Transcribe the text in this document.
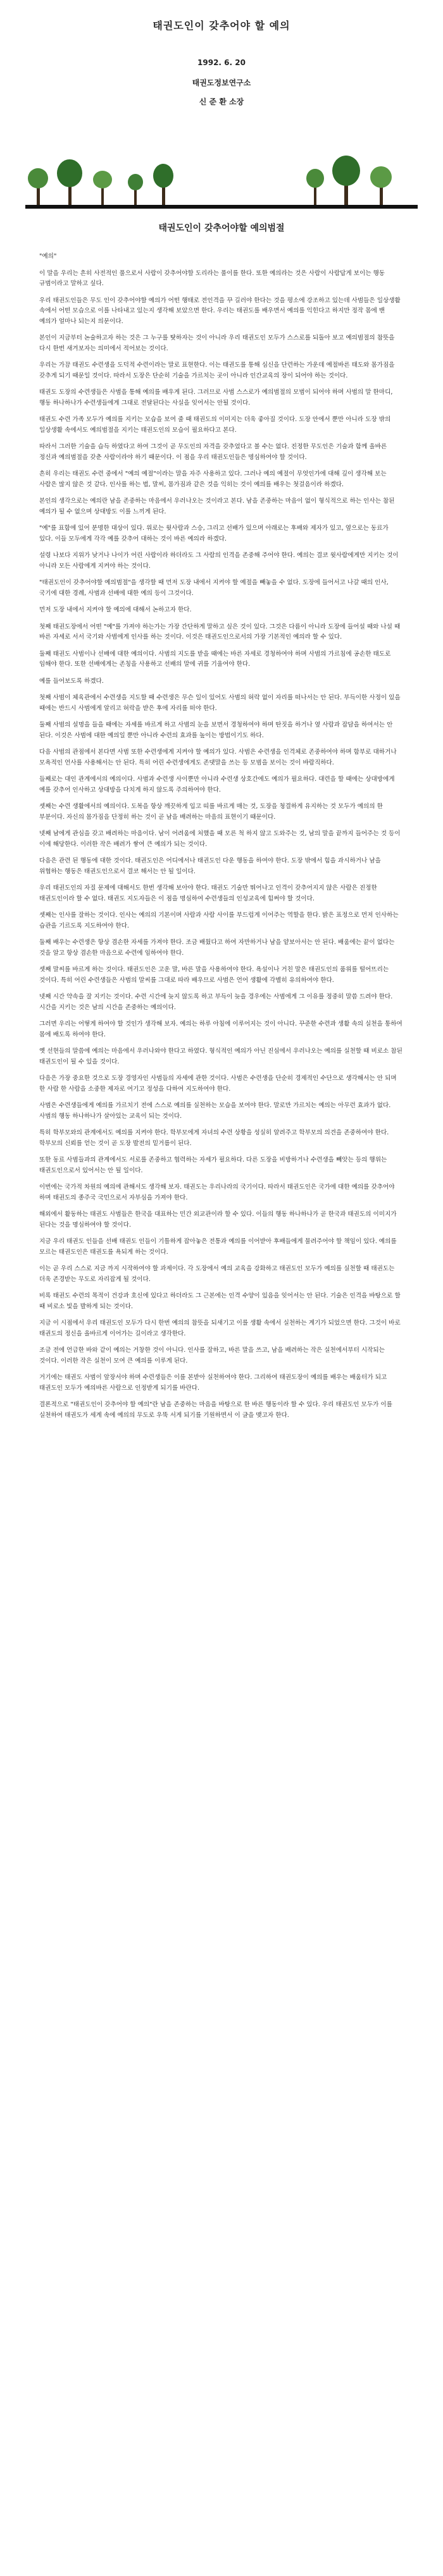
태권도인이 갖추어야 할 예의
1992. 6. 20
태권도정보연구소
신 준 환 소장
태권도인이 갖추어야할 예의범절

"예의"

이 말을 우리는 흔히 사전적인 풀으로서 사람이 갖추어야할 도리라는 풀이를 한다. 또한 예의라는 것은 사람이 사람답게 보이는 행동 규범이라고 말하고 싶다.

우리 태권도인들은 무도 인이 갖추어야할 예의가 어떤 행태로 전인격을 꾸 길러야 한다는 것을 평소에 강조하고 있는데 사범들은 일상생활 속에서 어떤 모습으로 이를 나타내고 있는지 생각해 보았으면 한다. 우리는 태권도를 배우면서 예의를 익힌다고 하지만 정작 몸에 밴 예의가 얼마나 되는지 의문이다.

본인이 지금부터 논술하고자 하는 것은 그 누구를 탓하자는 것이 아니라 우리 태권도인 모두가 스스로를 되돌아 보고 예의범절의 참뜻을 다시 한번 새겨보자는 의미에서 적어보는 것이다.

우리는 가끔 태권도 수련생을 도덕적 수련이라는 말로 표현한다. 이는 태권도를 통해 심신을 단련하는 가운데 예절바른 태도와 몸가짐을 갖추게 되기 때문일 것이다. 따라서 도장은 단순히 기술을 가르치는 곳이 아니라 인간교육의 장이 되어야 하는 것이다.

태권도 도장의 수련생들은 사범을 통해 예의를 배우게 된다. 그러므로 사범 스스로가 예의범절의 모범이 되어야 하며 사범의 말 한마디, 행동 하나하나가 수련생들에게 그대로 전달된다는 사실을 잊어서는 안될 것이다.

태권도 수련 가족 모두가 예의를 지키는 모습을 보여 줄 때 태권도의 이미지는 더욱 좋아질 것이다. 도장 안에서 뿐만 아니라 도장 밖의 일상생활 속에서도 예의범절을 지키는 태권도인의 모습이 필요하다고 본다.

따라서 그러한 기술을 습득 하였다고 하여 그것이 곧 무도인의 자격을 갖추었다고 볼 수는 없다. 진정한 무도인은 기술과 함께 올바른 정신과 예의범절을 갖춘 사람이라야 하기 때문이다. 이 점을 우리 태권도인들은 명심하여야 할 것이다.

흔히 우리는 태권도 수련 중에서 "예의 예절"이라는 말을 자주 사용하고 있다. 그러나 예의 예절이 무엇인가에 대해 깊이 생각해 보는 사람은 많지 않은 것 같다. 인사를 하는 법, 말씨, 몸가짐과 같은 것을 익히는 것이 예의를 배우는 첫걸음이라 하겠다.

본인의 생각으로는 예의란 남을 존중하는 마음에서 우러나오는 것이라고 본다. 남을 존중하는 마음이 없이 형식적으로 하는 인사는 참된 예의가 될 수 없으며 상대방도 이를 느끼게 된다.

"예"를 표함에 있어 분명한 대상이 있다. 위로는 윗사람과 스승, 그리고 선배가 있으며 아래로는 후배와 제자가 있고, 옆으로는 동료가 있다. 이들 모두에게 각각 예를 갖추어 대하는 것이 바른 예의라 하겠다.

설령 나보다 지위가 낮거나 나이가 어린 사람이라 하더라도 그 사람의 인격을 존중해 주어야 한다. 예의는 결코 윗사람에게만 지키는 것이 아니라 모든 사람에게 지켜야 하는 것이다.

"태권도인이 갖추어야할 예의범절"을 생각할 때 먼저 도장 내에서 지켜야 할 예절을 빼놓을 수 없다. 도장에 들어서고 나갈 때의 인사, 국기에 대한 경례, 사범과 선배에 대한 예의 등이 그것이다.

먼저 도장 내에서 지켜야 할 예의에 대해서 논하고자 한다.

첫째 태권도장에서 어떤 "예"를 가져야 하는가는 가장 간단하게 말하고 싶은 것이 있다. 그것은 다름이 아니라 도장에 들어설 때와 나설 때 바른 자세로 서서 국기와 사범에게 인사를 하는 것이다. 이것은 태권도인으로서의 가장 기본적인 예의라 할 수 있다.

둘째 태권도 사범이나 선배에 대한 예의이다. 사범의 지도를 받을 때에는 바른 자세로 경청하여야 하며 사범의 가르침에 공손한 태도로 임해야 한다. 또한 선배에게는 존칭을 사용하고 선배의 말에 귀를 기울여야 한다.

예를 들어보도록 하겠다.

첫째 사범이 체육관에서 수련생을 지도할 때 수련생은 무슨 일이 있어도 사범의 허락 없이 자리를 떠나서는 안 된다. 부득이한 사정이 있을 때에는 반드시 사범에게 알리고 허락을 받은 후에 자리를 떠야 한다.

둘째 사범의 설명을 들을 때에는 자세를 바르게 하고 사범의 눈을 보면서 경청하여야 하며 딴짓을 하거나 옆 사람과 잡담을 하여서는 안 된다. 이것은 사범에 대한 예의일 뿐만 아니라 수련의 효과를 높이는 방법이기도 하다.

다음 사범의 관점에서 본다면 사범 또한 수련생에게 지켜야 할 예의가 있다. 사범은 수련생을 인격체로 존중하여야 하며 함부로 대하거나 모욕적인 언사를 사용해서는 안 된다. 특히 어린 수련생에게도 존댓말을 쓰는 등 모범을 보이는 것이 바람직하다.

들째로는 대인 관계에서의 예의이다. 사범과 수련생 사이뿐만 아니라 수련생 상호간에도 예의가 필요하다. 대련을 할 때에는 상대방에게 예를 갖추어 인사하고 상대방을 다치게 하지 않도록 주의하여야 한다.

셋째는 수련 생활에서의 예의이다. 도복을 항상 깨끗하게 입고 띠를 바르게 매는 것, 도장을 청결하게 유지하는 것 모두가 예의의 한 부분이다. 자신의 몸가짐을 단정히 하는 것이 곧 남을 배려하는 마음의 표현이기 때문이다.

넷째 남에게 관심을 갖고 배려하는 마음이다. 남이 어려움에 처했을 때 모른 척 하지 않고 도와주는 것, 남의 말을 끝까지 들어주는 것 등이 이에 해당한다. 이러한 작은 배려가 쌓여 큰 예의가 되는 것이다.

다음은 관련 된 행동에 대한 것이다. 태권도인은 어디에서나 태권도인 다운 행동을 하여야 한다. 도장 밖에서 힘을 과시하거나 남을 위협하는 행동은 태권도인으로서 결코 해서는 안 될 일이다.

우리 태권도인의 자질 문제에 대해서도 한번 생각해 보아야 한다. 태권도 기술만 뛰어나고 인격이 갖추어지지 않은 사람은 진정한 태권도인이라 할 수 없다. 태권도 지도자들은 이 점을 명심하여 수련생들의 인성교육에 힘써야 할 것이다.

셋째는 인사를 잘하는 것이다. 인사는 예의의 기본이며 사람과 사람 사이를 부드럽게 이어주는 역할을 한다. 밝은 표정으로 먼저 인사하는 습관을 기르도록 지도하여야 한다.

둘째 배우는 수련생은 항상 겸손한 자세를 가져야 한다. 조금 배웠다고 하여 자만하거나 남을 얕보아서는 안 된다. 배움에는 끝이 없다는 것을 알고 항상 겸손한 마음으로 수련에 임하여야 한다.

셋째 말씨를 바르게 하는 것이다. 태권도인은 고운 말, 바른 말을 사용하여야 한다. 욕설이나 거친 말은 태권도인의 품위를 떨어뜨리는 것이다. 특히 어린 수련생들은 사범의 말씨를 그대로 따라 배우므로 사범은 언어 생활에 각별히 유의하여야 한다.

넷째 시간 약속을 잘 지키는 것이다. 수련 시간에 늦지 않도록 하고 부득이 늦을 경우에는 사범에게 그 이유를 정중히 말씀 드려야 한다. 시간을 지키는 것은 남의 시간을 존중하는 예의이다.

그러면 우리는 어떻게 하여야 할 것인가 생각해 보자. 예의는 하루 아침에 이루어지는 것이 아니다. 꾸준한 수련과 생활 속의 실천을 통하여 몸에 배도록 하여야 한다.

옛 선현들의 말씀에 예의는 마음에서 우러나와야 한다고 하였다. 형식적인 예의가 아닌 진심에서 우러나오는 예의를 실천할 때 비로소 참된 태권도인이 될 수 있을 것이다.

다음은 가장 중요한 것으로 도장 경영자인 사범들의 자세에 관한 것이다. 사범은 수련생을 단순히 경제적인 수단으로 생각해서는 안 되며 한 사람 한 사람을 소중한 제자로 여기고 정성을 다하여 지도하여야 한다.

사범은 수련생들에게 예의를 가르치기 전에 스스로 예의를 실천하는 모습을 보여야 한다. 말로만 가르치는 예의는 아무런 효과가 없다. 사범의 행동 하나하나가 살아있는 교육이 되는 것이다.

특히 학부모와의 관계에서도 예의를 지켜야 한다. 학부모에게 자녀의 수련 상황을 성실히 알려주고 학부모의 의견을 존중하여야 한다. 학부모의 신뢰를 얻는 것이 곧 도장 발전의 밑거름이 된다.

또한 동료 사범들과의 관계에서도 서로를 존중하고 협력하는 자세가 필요하다. 다른 도장을 비방하거나 수련생을 빼앗는 등의 행위는 태권도인으로서 있어서는 안 될 일이다.

이번에는 국가적 차원의 예의에 관해서도 생각해 보자. 태권도는 우리나라의 국기이다. 따라서 태권도인은 국가에 대한 예의를 갖추어야 하며 태권도의 종주국 국민으로서 자부심을 가져야 한다.

해외에서 활동하는 태권도 사범들은 한국을 대표하는 민간 외교관이라 할 수 있다. 이들의 행동 하나하나가 곧 한국과 태권도의 이미지가 된다는 것을 명심하여야 할 것이다.

지금 우리 태권도 인들을 선배 태권도 인들이 기틀하게 잡아놓은 전통과 예의를 이어받아 후배들에게 물려주어야 할 책임이 있다. 예의를 모르는 태권도인은 태권도를 욕되게 하는 것이다.

이는 곧 우리 스스로 지금 까지 시작하여야 할 과제이다. 각 도장에서 예의 교육을 강화하고 태권도인 모두가 예의를 실천할 때 태권도는 더욱 존경받는 무도로 자리잡게 될 것이다.

비록 태권도 수련의 목적이 건강과 호신에 있다고 하더라도 그 근본에는 인격 수양이 있음을 잊어서는 안 된다. 기술은 인격을 바탕으로 할 때 비로소 빛을 발하게 되는 것이다.

지금 이 시점에서 우리 태권도인 모두가 다시 한번 예의의 참뜻을 되새기고 이를 생활 속에서 실천하는 계기가 되었으면 한다. 그것이 바로 태권도의 정신을 올바르게 이어가는 길이라고 생각한다.

조금 전에 언급한 바와 같이 예의는 거창한 것이 아니다. 인사를 잘하고, 바른 말을 쓰고, 남을 배려하는 작은 실천에서부터 시작되는 것이다. 이러한 작은 실천이 모여 큰 예의를 이루게 된다.

거기에는 태권도 사범이 앞장서야 하며 수련생들은 이를 본받아 실천하여야 한다. 그리하여 태권도장이 예의를 배우는 배움터가 되고 태권도인 모두가 예의바른 사람으로 인정받게 되기를 바란다.

결론적으로 "태권도인이 갖추어야 할 예의"란 남을 존중하는 마음을 바탕으로 한 바른 행동이라 할 수 있다. 우리 태권도인 모두가 이를 실천하여 태권도가 세계 속에 예의의 무도로 우뚝 서게 되기를 기원하면서 이 글을 맺고자 한다.
